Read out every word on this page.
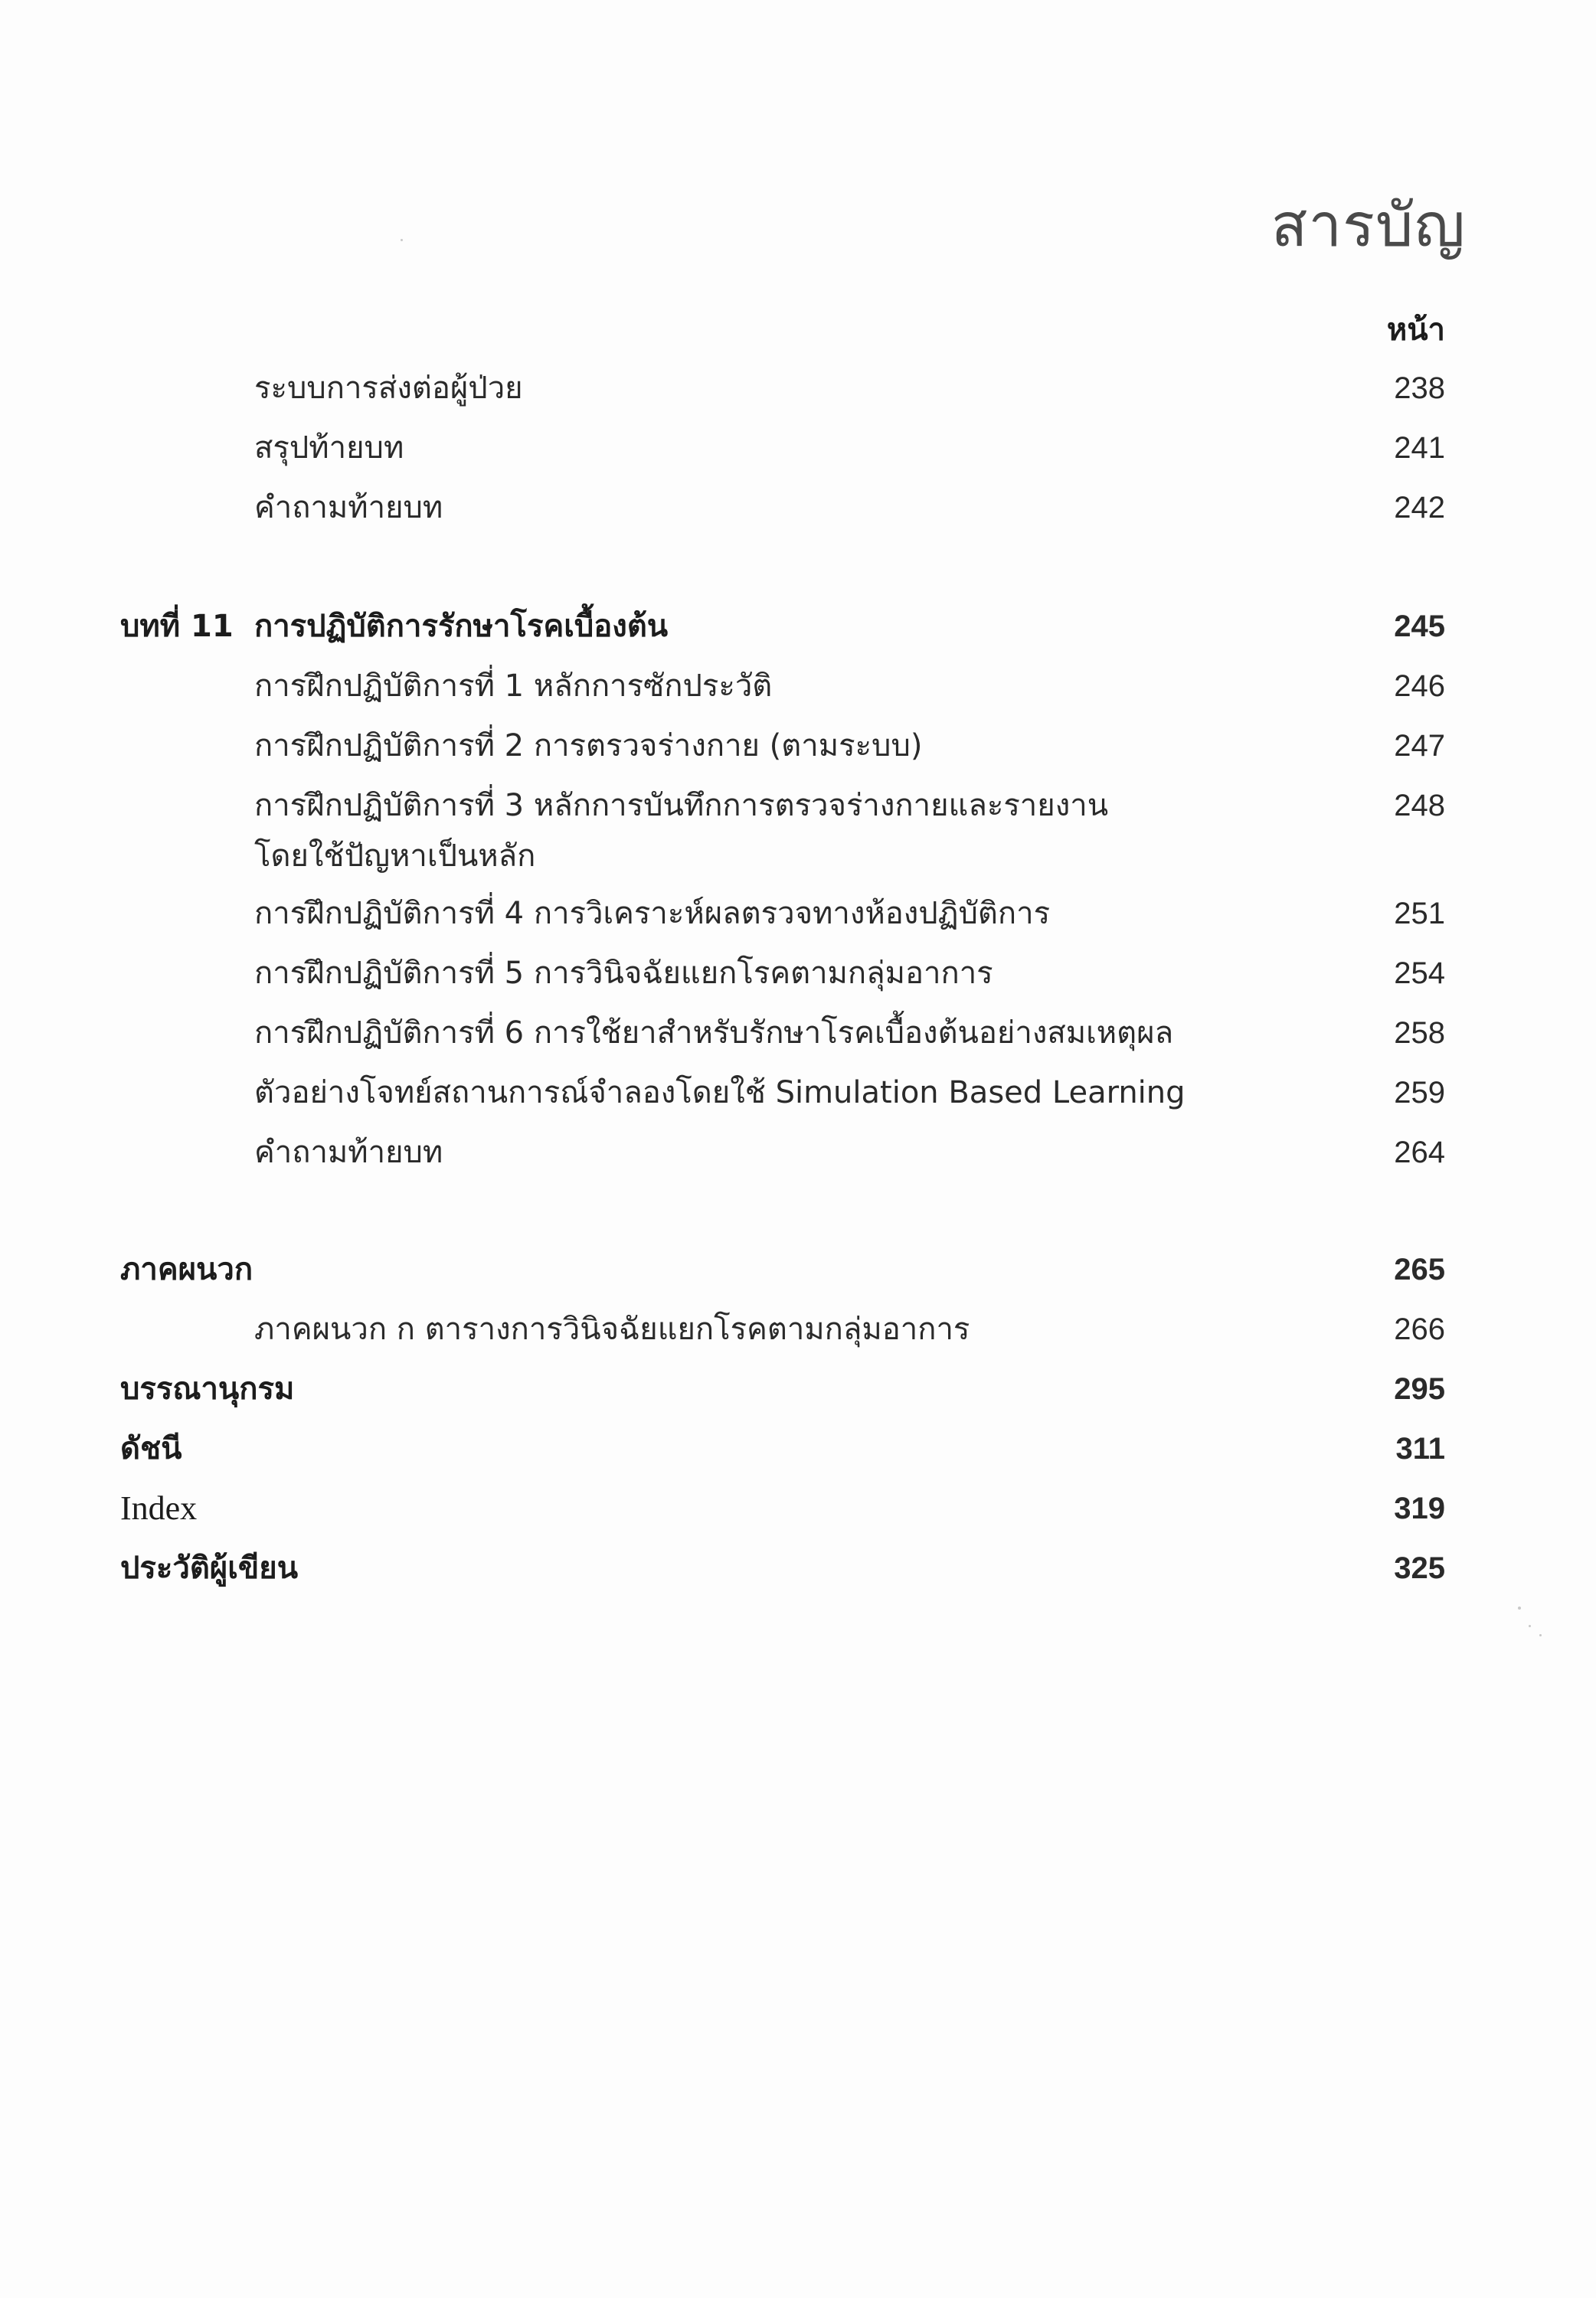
สารบัญ
หน้า
ระบบการส่งต่อผู้ป่วย	238
สรุปท้ายบท	241
คำถามท้ายบท	242
บทที่ 11 การปฏิบัติการรักษาโรคเบื้องต้น	245
การฝึกปฏิบัติการที่ 1 หลักการซักประวัติ	246
การฝึกปฏิบัติการที่ 2 การตรวจร่างกาย (ตามระบบ)	247
การฝึกปฏิบัติการที่ 3 หลักการบันทึกการตรวจร่างกายและรายงาน	248
โดยใช้ปัญหาเป็นหลัก
การฝึกปฏิบัติการที่ 4 การวิเคราะห์ผลตรวจทางห้องปฏิบัติการ	251
การฝึกปฏิบัติการที่ 5 การวินิจฉัยแยกโรคตามกลุ่มอาการ	254
การฝึกปฏิบัติการที่ 6 การใช้ยาสำหรับรักษาโรคเบื้องต้นอย่างสมเหตุผล	258
ตัวอย่างโจทย์สถานการณ์จำลองโดยใช้ Simulation Based Learning	259
คำถามท้ายบท	264
ภาคผนวก	265
ภาคผนวก ก ตารางการวินิจฉัยแยกโรคตามกลุ่มอาการ	266
บรรณานุกรม	295
ดัชนี	311
Index	319
ประวัติผู้เขียน	325
